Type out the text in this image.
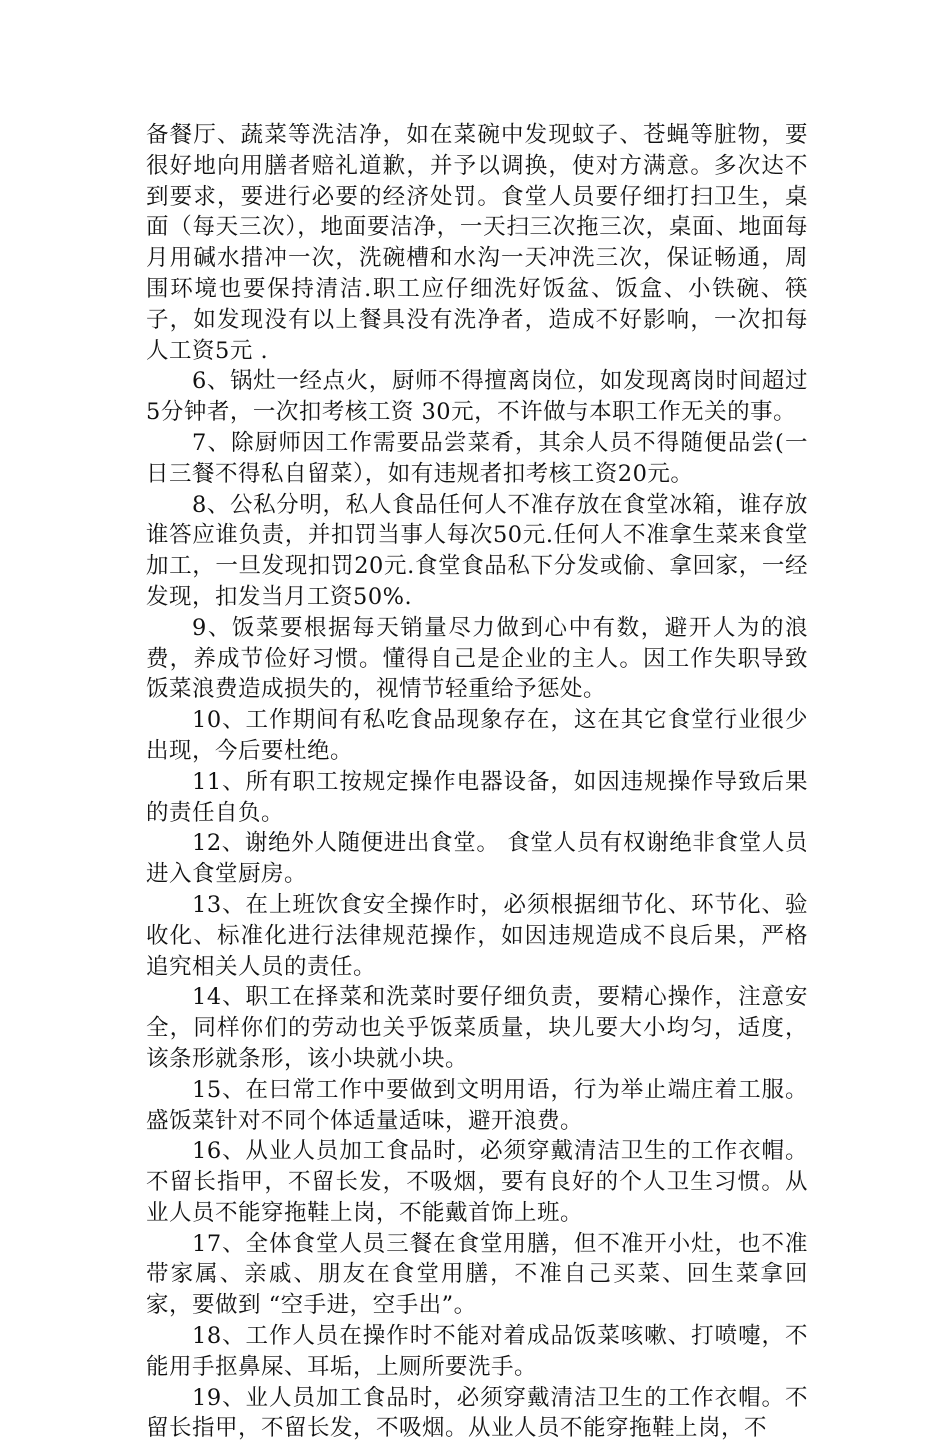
备餐厅、蔬菜等洗洁净，如在菜碗中发现蚊子、苍蝇等脏物，要很好地向用膳者赔礼道歉，并予以调换，使对方满意。多次达不到要求，要进行必要的经济处罚。食堂人员要仔细打扫卫生，桌面（每天三次），地面要洁净，一天扫三次拖三次，桌面、地面每月用碱水措冲一次，洗碗槽和水沟一天冲洗三次，保证畅通，周围环境也要保持清洁.职工应仔细洗好饭盆、饭盒、小铁碗、筷子，如发现没有以上餐具没有洗净者，造成不好影响，一次扣每人工资5元 .

6、锅灶一经点火，厨师不得擅离岗位，如发现离岗时间超过5分钟者，一次扣考核工资 30元，不许做与本职工作无关的事。

7、除厨师因工作需要品尝菜肴，其余人员不得随便品尝(一日三餐不得私自留菜），如有违规者扣考核工资20元。

8、公私分明，私人食品任何人不准存放在食堂冰箱，谁存放谁答应谁负责，并扣罚当事人每次50元.任何人不准拿生菜来食堂加工，一旦发现扣罚20元.食堂食品私下分发或偷、拿回家，一经发现，扣发当月工资50%.

9、饭菜要根据每天销量尽力做到心中有数，避开人为的浪费，养成节俭好习惯。懂得自己是企业的主人。因工作失职导致饭菜浪费造成损失的，视情节轻重给予惩处。

10、工作期间有私吃食品现象存在，这在其它食堂行业很少出现，今后要杜绝。

11、所有职工按规定操作电器设备，如因违规操作导致后果的责任自负。

12、谢绝外人随便进出食堂。 食堂人员有权谢绝非食堂人员进入食堂厨房。

13、在上班饮食安全操作时，必须根据细节化、环节化、验收化、标准化进行法律规范操作，如因违规造成不良后果，严格追究相关人员的责任。

14、职工在择菜和洗菜时要仔细负责，要精心操作，注意安全，同样你们的劳动也关乎饭菜质量，块儿要大小均匀，适度，该条形就条形，该小块就小块。

15、在曰常工作中要做到文明用语，行为举止端庄着工服。盛饭菜针对不同个体适量适味，避开浪费。

16、从业人员加工食品时，必须穿戴清洁卫生的工作衣帽。不留长指甲，不留长发，不吸烟，要有良好的个人卫生习惯。从业人员不能穿拖鞋上岗，不能戴首饰上班。

17、全体食堂人员三餐在食堂用膳，但不准开小灶，也不准带家属、亲戚、朋友在食堂用膳，不准自己买菜、回生菜拿回家，要做到 “空手进，空手出”。

18、工作人员在操作时不能对着成品饭菜咳嗽、打喷嚏，不能用手抠鼻屎、耳垢，上厕所要洗手。

19、业人员加工食品时，必须穿戴清洁卫生的工作衣帽。不留长指甲，不留长发，不吸烟。从业人员不能穿拖鞋上岗，不
